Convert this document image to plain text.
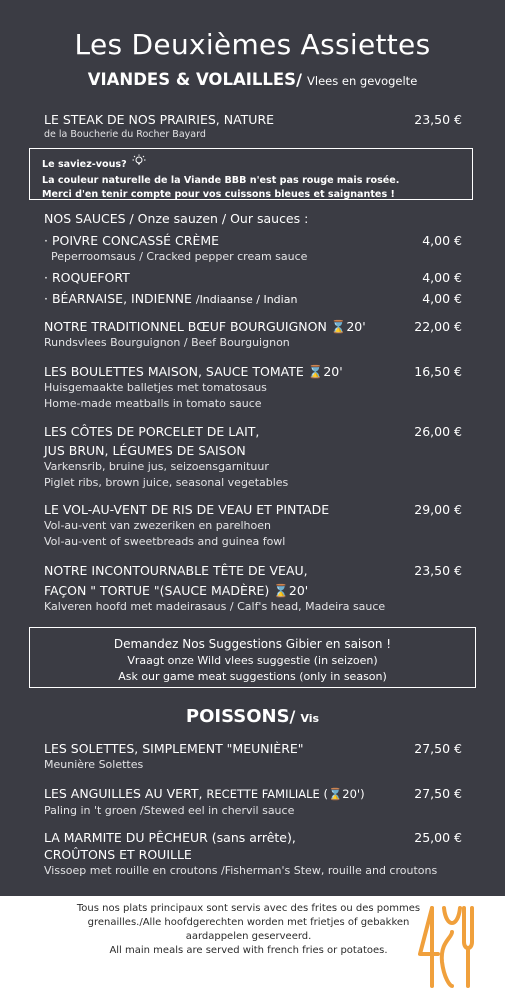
Les Deuxièmes Assiettes
VIANDES & VOLAILLES/ Vlees en gevogelte
LE STEAK DE NOS PRAIRIES, NATURE
de la Boucherie du Rocher Bayard
23,50 €
Le saviez-vous?
La couleur naturelle de la Viande BBB n'est pas rouge mais rosée.
Merci d'en tenir compte pour vos cuissons bleues et saignantes !
NOS SAUCES / Onze sauzen / Our sauces :
· POIVRE CONCASSÉ CRÈME
Peperroomsaus / Cracked pepper cream sauce
4,00 €
· ROQUEFORT	4,00 €
· BÉARNAISE, INDIENNE /Indiaanse / Indian	4,00 €
NOTRE TRADITIONNEL BŒUF BOURGUIGNON ⌛20'
Rundsvlees Bourguignon / Beef Bourguignon
22,00 €
LES BOULETTES MAISON, SAUCE TOMATE ⌛20'
Huisgemaakte balletjes met tomatosaus
Home-made meatballs in tomato sauce
16,50 €
LES CÔTES DE PORCELET DE LAIT,
JUS BRUN, LÉGUMES DE SAISON
Varkensrib, bruine jus, seizoensgarnituur
Piglet ribs, brown juice, seasonal vegetables
26,00 €
LE VOL-AU-VENT DE RIS DE VEAU ET PINTADE
Vol-au-vent van zwezeriken en parelhoen
Vol-au-vent of sweetbreads and guinea fowl
29,00 €
NOTRE INCONTOURNABLE TÊTE DE VEAU,
FAÇON " TORTUE "(SAUCE MADÈRE) ⌛20'
Kalveren hoofd met madeirasaus / Calf's head, Madeira sauce
23,50 €
Demandez Nos Suggestions Gibier en saison !
Vraagt onze Wild vlees suggestie (in seizoen)
Ask our game meat suggestions (only in season)
POISSONS/ Vis
LES SOLETTES, SIMPLEMENT "MEUNIÈRE"
Meunière Solettes
27,50 €
LES ANGUILLES AU VERT, RECETTE FAMILIALE (⌛20')
Paling in 't groen /Stewed eel in chervil sauce
27,50 €
LA MARMITE DU PÊCHEUR (sans arrête),
CROÛTONS ET ROUILLE
Vissoep met rouille en croutons /Fisherman's Stew, rouille and croutons
25,00 €
Tous nos plats principaux sont servis avec des frites ou des pommes
grenailles./Alle hoofdgerechten worden met frietjes of gebakken
aardappelen geserveerd.
All main meals are served with french fries or potatoes.
